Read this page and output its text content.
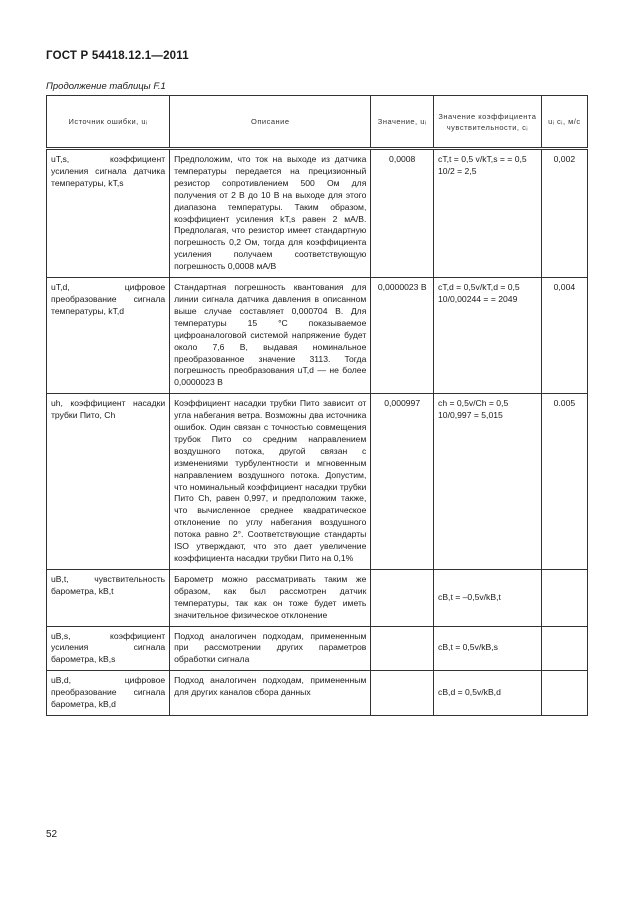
ГОСТ Р 54418.12.1—2011
Продолжение таблицы F.1
Источник ошибки, uᵢ	Описание	Значение, uᵢ	Значение коэффициента чувствительности, cᵢ	uᵢ cᵢ, м/с

uT,s, коэффициент усиления сигнала датчика температуры, kT,s	Предположим, что ток на выходе из датчика температуры передается на прецизионный резистор сопротивлением 500 Ом для получения от 2 В до 10 В на выходе для этого диапазона температуры. Таким образом, коэффициент усиления kT,s равен 2 мА/В. Предполагая, что резистор имеет стандартную погрешность 0,2 Ом, тогда для коэффициента усиления получаем соответствующую погрешность 0,0008 мА/В	0,0008	cT,t = 0,5 v/kT,s = = 0,5 10/2 = 2,5	0,002
uT,d, цифровое преобразование сигнала температуры, kT,d	Стандартная погрешность квантования для линии сигнала датчика давления в описанном выше случае составляет 0,000704 В. Для температуры 15 °С показываемое цифроаналоговой системой напряжение будет около 7,6 В, выдавая номинальное преобразованное значение 3113. Тогда погрешность преобразования uT,d — не более 0,0000023 В	0,0000023 В	cT,d = 0,5v/kT,d = 0,5 10/0,00244 = = 2049	0,004
uh, коэффициент насадки трубки Пито, Ch	Коэффициент насадки трубки Пито зависит от угла набегания ветра. Возможны два источника ошибок. Один связан с точностью совмещения трубок Пито со средним направлением воздушного потока, другой связан с изменениями турбулентности и мгновенным направлением воздушного потока. Допустим, что номинальный коэффициент насадки трубки Пито Ch, равен 0,997, и предположим также, что вычисленное среднее квадратическое отклонение по углу набегания воздушного потока равно 2°. Соответствующие стандарты ISO утверждают, что это дает увеличение коэффициента насадки трубки Пито на 0,1%	0,000997	ch = 0,5v/Ch = 0,5 10/0,997 = 5,015	0.005
uB,t, чувствительность барометра, kB,t	Барометр можно рассматривать таким же образом, как был рассмотрен датчик температуры, так как он тоже будет иметь значительное физическое отклонение		cB,t = –0,5v/kB,t	
uB,s, коэффициент усиления сигнала барометра, kB,s	Подход аналогичен подходам, примененным при рассмотрении других параметров обработки сигнала		cB,t = 0,5v/kB,s	
uB,d, цифровое преобразование сигнала барометра, kB,d	Подход аналогичен подходам, примененным для других каналов сбора данных		cB,d = 0,5v/kB,d	
52
